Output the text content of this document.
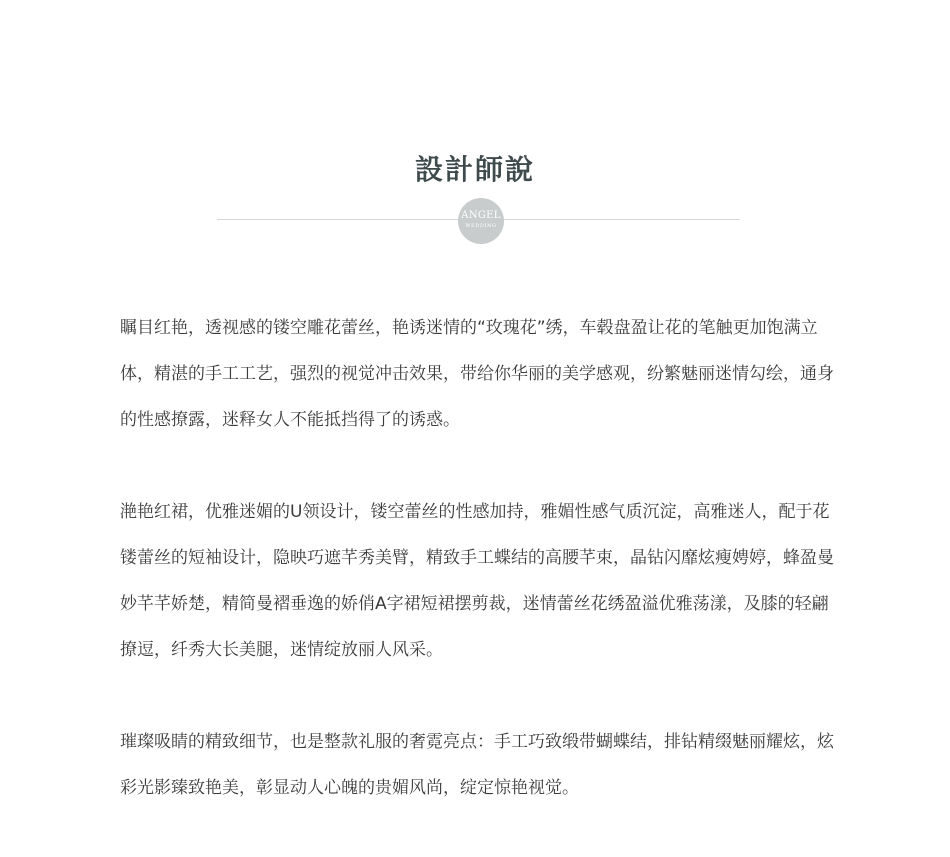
設計師說
ANGEL
WEDDING

瞩目红艳，透视感的镂空雕花蕾丝，艳诱迷情的“玫瑰花”绣，车毂盘盈让花的笔触更加饱满立体，精湛的手工工艺，强烈的视觉冲击效果，带给你华丽的美学感观，纷繁魅丽迷情勾绘，通身的性感撩露，迷释女人不能抵挡得了的诱惑。

滟艳红裙，优雅迷媚的U领设计，镂空蕾丝的性感加持，雅媚性感气质沉淀，高雅迷人，配于花镂蕾丝的短袖设计，隐映巧遮芊秀美臂，精致手工蝶结的高腰芊束，晶钻闪靡炫瘦娉婷，蜂盈曼妙芊芊娇楚，精简曼褶垂逸的娇俏A字裙短裙摆剪裁，迷情蕾丝花绣盈溢优雅荡漾，及膝的轻翩撩逗，纤秀大长美腿，迷情绽放丽人风采。

璀璨吸睛的精致细节，也是整款礼服的奢霓亮点：手工巧致缎带蝴蝶结，排钻精缀魅丽耀炫，炫彩光影臻致艳美，彰显动人心魄的贵媚风尚，绽定惊艳视觉。
